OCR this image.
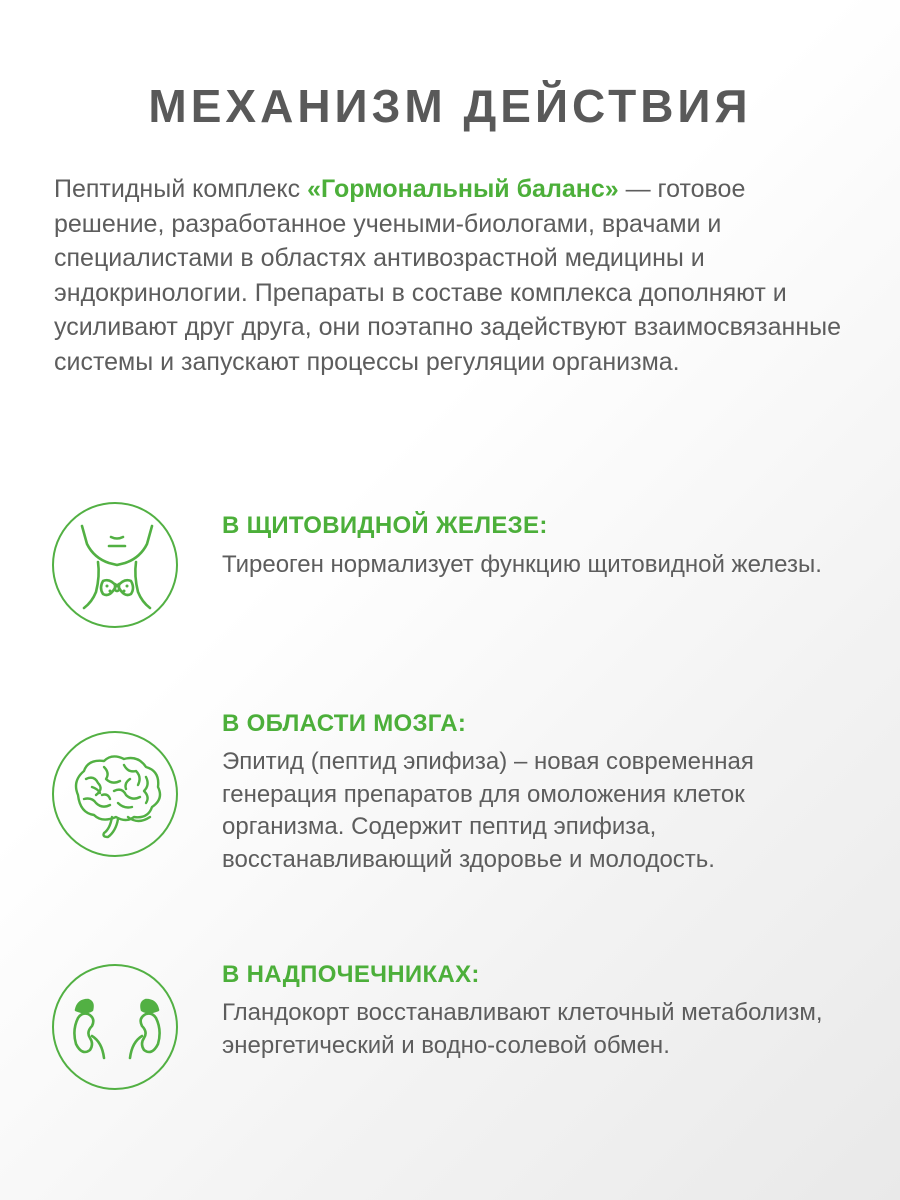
МЕХАНИЗМ ДЕЙСТВИЯ

Пептидный комплекс «Гормональный баланс» — готовое решение, разработанное учеными-биологами, врачами и специалистами в областях антивозрастной медицины и эндокринологии. Препараты в составе комплекса дополняют и усиливают друг друга, они поэтапно задействуют взаимосвязанные системы и запускают процессы регуляции организма.

В ЩИТОВИДНОЙ ЖЕЛЕЗЕ:

Тиреоген нормализует функцию щитовидной железы.

В ОБЛАСТИ МОЗГА:

Эпитид (пептид эпифиза) – новая современная генерация препаратов для омоложения клеток организма. Содержит пептид эпифиза, восстанавливающий здоровье и молодость.

В НАДПОЧЕЧНИКАХ:

Гландокорт восстанавливают клеточный метаболизм, энергетический и водно-солевой обмен.
